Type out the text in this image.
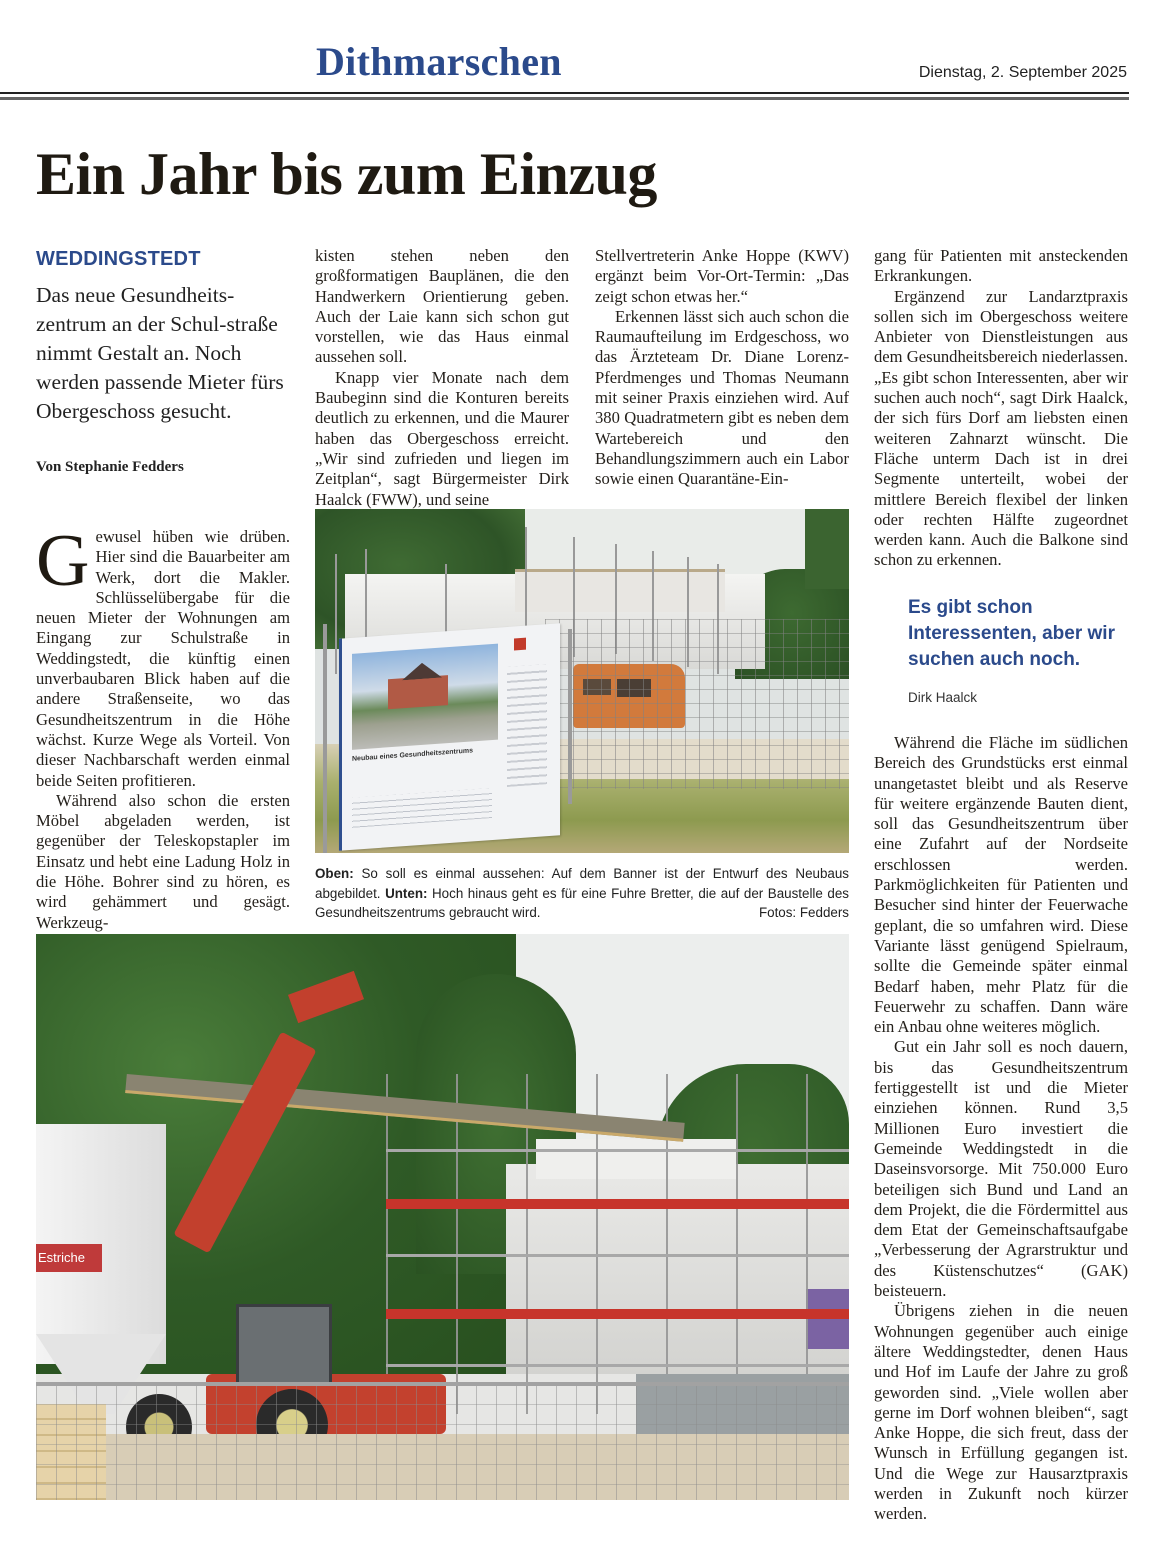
Dithmarschen	Dienstag, 2. September 2025
Ein Jahr bis zum Einzug
WEDDINGSTEDT
Das neue Gesundheits-zentrum an der Schul-straße nimmt Gestalt an. Noch werden passende Mieter fürs Obergeschoss gesucht.
Von Stephanie Fedders

Gewusel hüben wie drüben. Hier sind die Bauarbeiter am Werk, dort die Makler. Schlüsselübergabe für die neuen Mieter der Wohnungen am Eingang zur Schulstraße in Weddingstedt, die künftig einen unverbaubaren Blick haben auf die andere Straßenseite, wo das Gesundheitszentrum in die Höhe wächst. Kurze Wege als Vorteil. Von dieser Nachbarschaft werden einmal beide Seiten profitieren.

Während also schon die ersten Möbel abgeladen werden, ist gegenüber der Teleskopstapler im Einsatz und hebt eine Ladung Holz in die Höhe. Bohrer sind zu hören, es wird gehämmert und gesägt. Werkzeug-

kisten stehen neben den großformatigen Bauplänen, die den Handwerkern Orientierung geben. Auch der Laie kann sich schon gut vorstellen, wie das Haus einmal aussehen soll.

Knapp vier Monate nach dem Baubeginn sind die Konturen bereits deutlich zu erkennen, und die Maurer haben das Obergeschoss erreicht. „Wir sind zufrieden und liegen im Zeitplan“, sagt Bürgermeister Dirk Haalck (FWW), und seine

Stellvertreterin Anke Hoppe (KWV) ergänzt beim Vor-Ort-Termin: „Das zeigt schon etwas her.“

Erkennen lässt sich auch schon die Raumaufteilung im Erdgeschoss, wo das Ärzteteam Dr. Diane Lorenz-Pferdmenges und Thomas Neumann mit seiner Praxis einziehen wird. Auf 380 Quadratmetern gibt es neben dem Wartebereich und den Behandlungszimmern auch ein Labor sowie einen Quarantäne-Ein-

gang für Patienten mit ansteckenden Erkrankungen.

Ergänzend zur Landarztpraxis sollen sich im Obergeschoss weitere Anbieter von Dienstleistungen aus dem Gesundheitsbereich niederlassen. „Es gibt schon Interessenten, aber wir suchen auch noch“, sagt Dirk Haalck, der sich fürs Dorf am liebsten einen weiteren Zahnarzt wünscht. Die Fläche unterm Dach ist in drei Segmente unterteilt, wobei der mittlere Bereich flexibel der linken oder rechten Hälfte zugeordnet werden kann. Auch die Balkone sind schon zu erkennen.

Es gibt schon Interessenten, aber wir suchen auch noch.
Dirk Haalck

Während die Fläche im südlichen Bereich des Grundstücks erst einmal unangetastet bleibt und als Reserve für weitere ergänzende Bauten dient, soll das Gesundheitszentrum über eine Zufahrt auf der Nordseite erschlossen werden. Parkmöglichkeiten für Patienten und Besucher sind hinter der Feuerwache geplant, die so umfahren wird. Diese Variante lässt genügend Spielraum, sollte die Gemeinde später einmal Bedarf haben, mehr Platz für die Feuerwehr zu schaffen. Dann wäre ein Anbau ohne weiteres möglich.

Gut ein Jahr soll es noch dauern, bis das Gesundheitszentrum fertiggestellt ist und die Mieter einziehen können. Rund 3,5 Millionen Euro investiert die Gemeinde Weddingstedt in die Daseinsvorsorge. Mit 750.000 Euro beteiligen sich Bund und Land an dem Projekt, die die Fördermittel aus dem Etat der Gemeinschaftsaufgabe „Verbesserung der Agrarstruktur und des Küstenschutzes“ (GAK) beisteuern.

Übrigens ziehen in die neuen Wohnungen gegenüber auch einige ältere Weddingstedter, denen Haus und Hof im Laufe der Jahre zu groß geworden sind. „Viele wollen aber gerne im Dorf wohnen bleiben“, sagt Anke Hoppe, die sich freut, dass der Wunsch in Erfüllung gegangen ist. Und die Wege zur Hausarztpraxis werden in Zukunft noch kürzer werden.

Neubau eines Gesundheitszentrums
Oben: So soll es einmal aussehen: Auf dem Banner ist der Entwurf des Neubaus abgebildet. Unten: Hoch hinaus geht es für eine Fuhre Bretter, die auf der Baustelle des Gesundheitszentrums gebraucht wird.	Fotos: Fedders
Estriche
